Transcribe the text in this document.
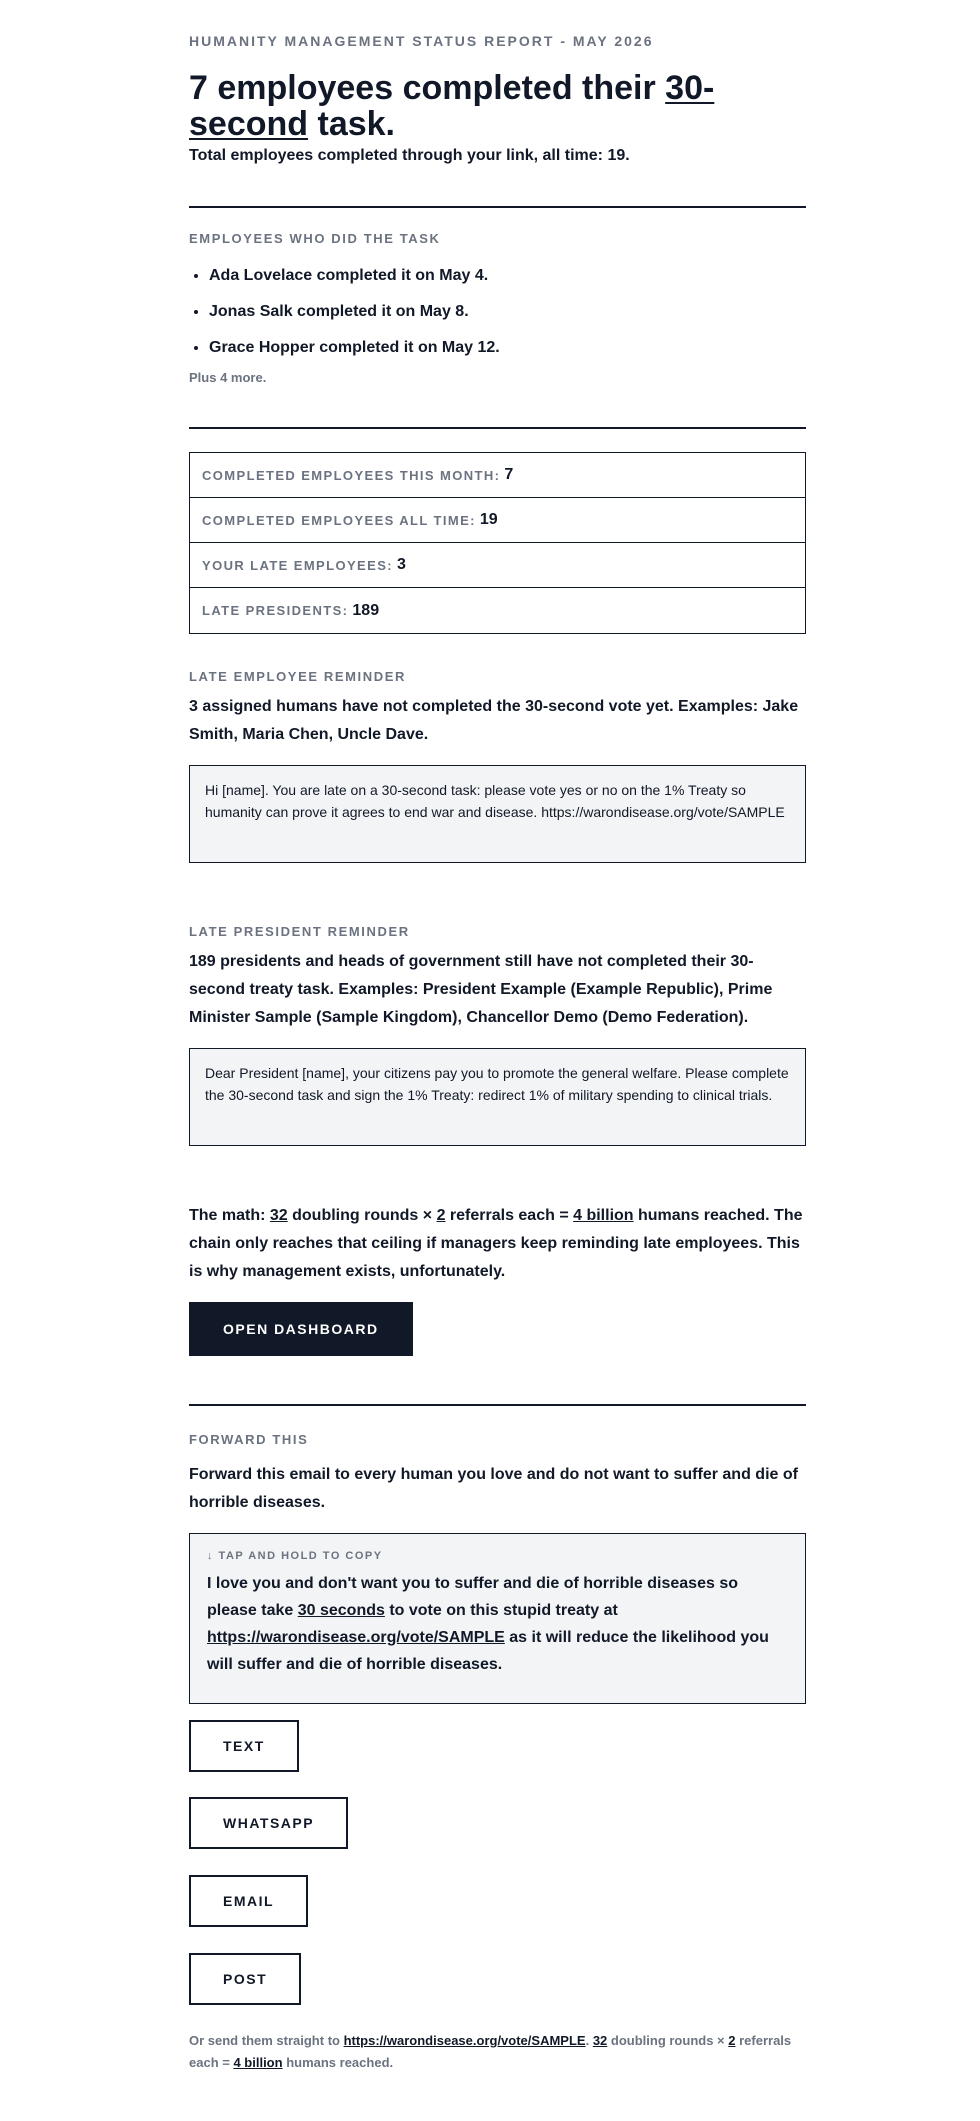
HUMANITY MANAGEMENT STATUS REPORT - MAY 2026
7 employees completed their 30-second task.
Total employees completed through your link, all time: 19.
EMPLOYEES WHO DID THE TASK
• Ada Lovelace completed it on May 4.
• Jonas Salk completed it on May 8.
• Grace Hopper completed it on May 12.
Plus 4 more.
COMPLETED EMPLOYEES THIS MONTH: 7
COMPLETED EMPLOYEES ALL TIME: 19
YOUR LATE EMPLOYEES: 3
LATE PRESIDENTS: 189
LATE EMPLOYEE REMINDER
3 assigned humans have not completed the 30-second vote yet. Examples: Jake Smith, Maria Chen, Uncle Dave.
Hi [name]. You are late on a 30-second task: please vote yes or no on the 1% Treaty so humanity can prove it agrees to end war and disease. https://warondisease.org/vote/SAMPLE
LATE PRESIDENT REMINDER
189 presidents and heads of government still have not completed their 30-second treaty task. Examples: President Example (Example Republic), Prime Minister Sample (Sample Kingdom), Chancellor Demo (Demo Federation).
Dear President [name], your citizens pay you to promote the general welfare. Please complete the 30-second task and sign the 1% Treaty: redirect 1% of military spending to clinical trials.
The math: 32 doubling rounds × 2 referrals each = 4 billion humans reached. The chain only reaches that ceiling if managers keep reminding late employees. This is why management exists, unfortunately.
OPEN DASHBOARD
FORWARD THIS
Forward this email to every human you love and do not want to suffer and die of horrible diseases.
↓ TAP AND HOLD TO COPY
I love you and don't want you to suffer and die of horrible diseases so please take 30 seconds to vote on this stupid treaty at https://warondisease.org/vote/SAMPLE as it will reduce the likelihood you will suffer and die of horrible diseases.
TEXT
WHATSAPP
EMAIL
POST
Or send them straight to https://warondisease.org/vote/SAMPLE. 32 doubling rounds × 2 referrals each = 4 billion humans reached.
